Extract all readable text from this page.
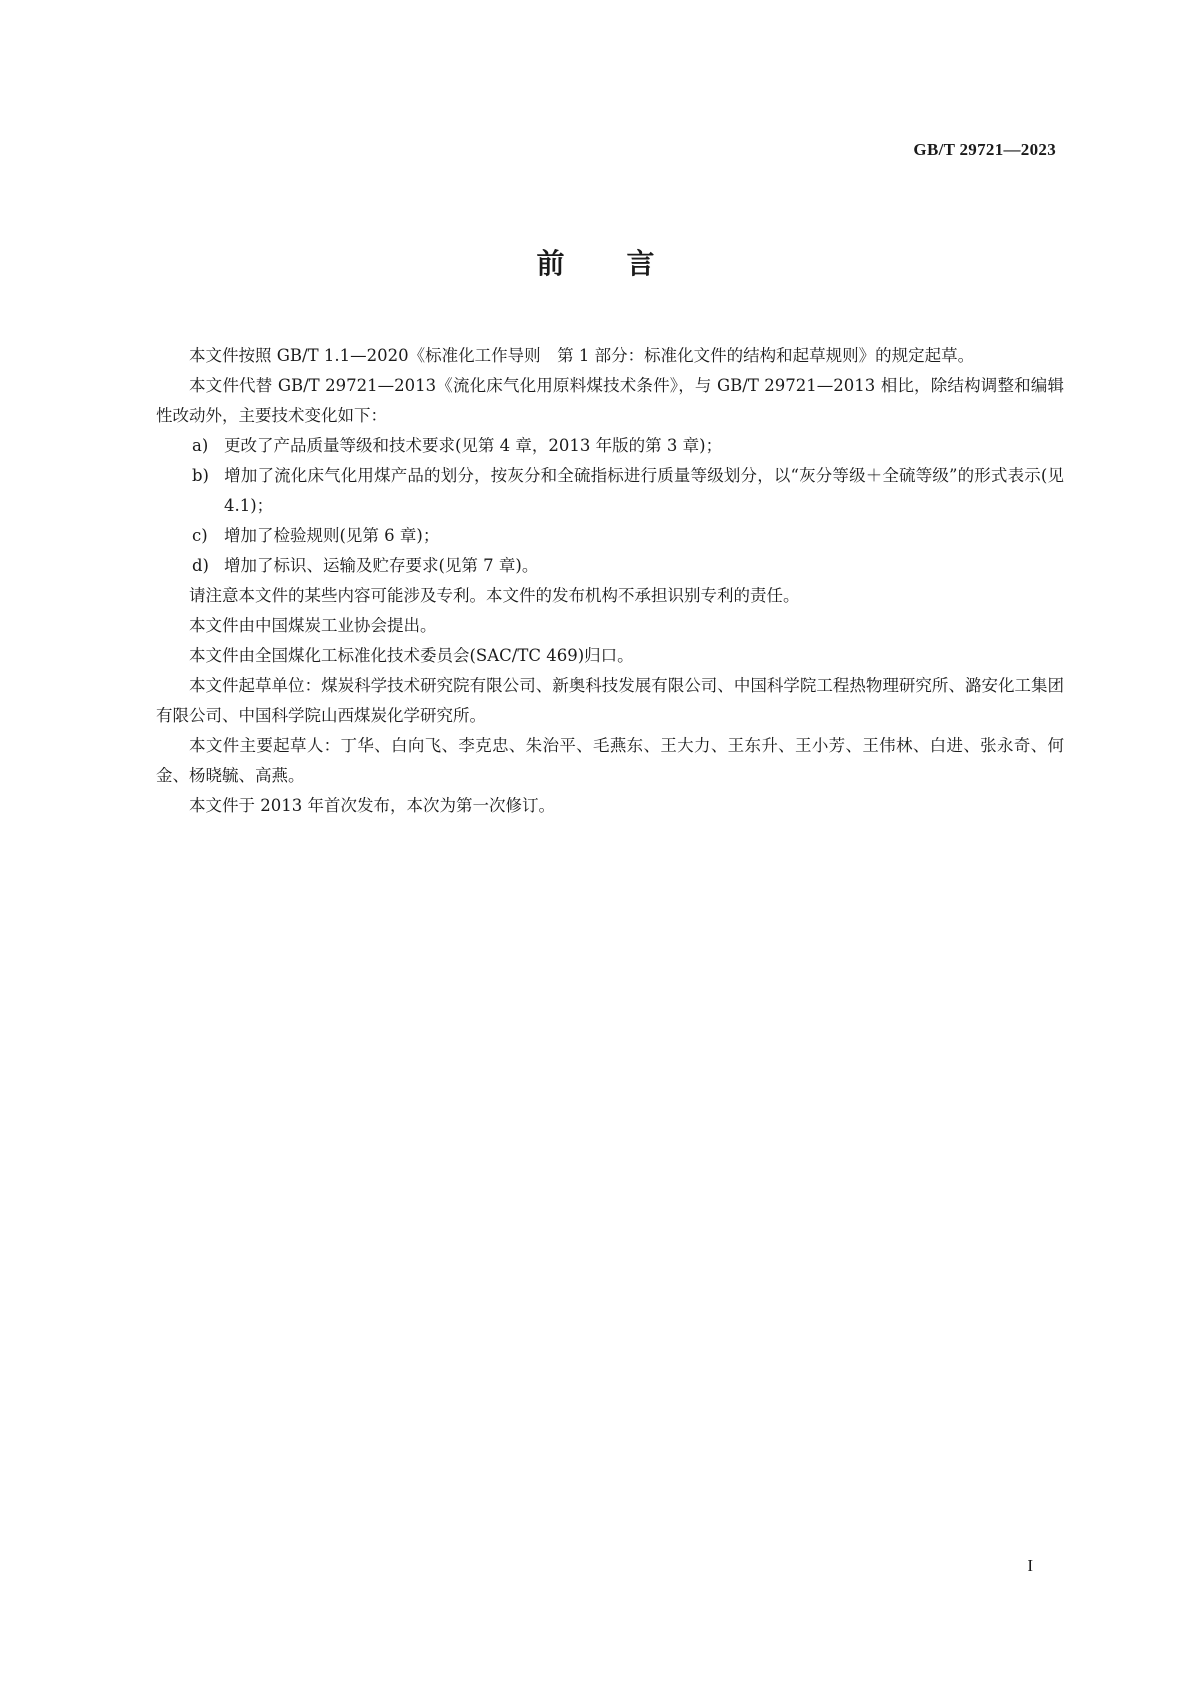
GB/T 29721—2023
前言

本文件按照 GB/T 1.1—2020《标准化工作导则　第 1 部分：标准化文件的结构和起草规则》的规定起草。

本文件代替 GB/T 29721—2013《流化床气化用原料煤技术条件》，与 GB/T 29721—2013 相比，除结构调整和编辑性改动外，主要技术变化如下：

a) 更改了产品质量等级和技术要求(见第 4 章，2013 年版的第 3 章)；

b) 增加了流化床气化用煤产品的划分，按灰分和全硫指标进行质量等级划分，以“灰分等级＋全硫等级”的形式表示(见 4.1)；

c) 增加了检验规则(见第 6 章)；

d) 增加了标识、运输及贮存要求(见第 7 章)。

请注意本文件的某些内容可能涉及专利。本文件的发布机构不承担识别专利的责任。

本文件由中国煤炭工业协会提出。

本文件由全国煤化工标准化技术委员会(SAC/TC 469)归口。

本文件起草单位：煤炭科学技术研究院有限公司、新奥科技发展有限公司、中国科学院工程热物理研究所、潞安化工集团有限公司、中国科学院山西煤炭化学研究所。

本文件主要起草人：丁华、白向飞、李克忠、朱治平、毛燕东、王大力、王东升、王小芳、王伟林、白进、张永奇、何金、杨晓毓、高燕。

本文件于 2013 年首次发布，本次为第一次修订。

I
